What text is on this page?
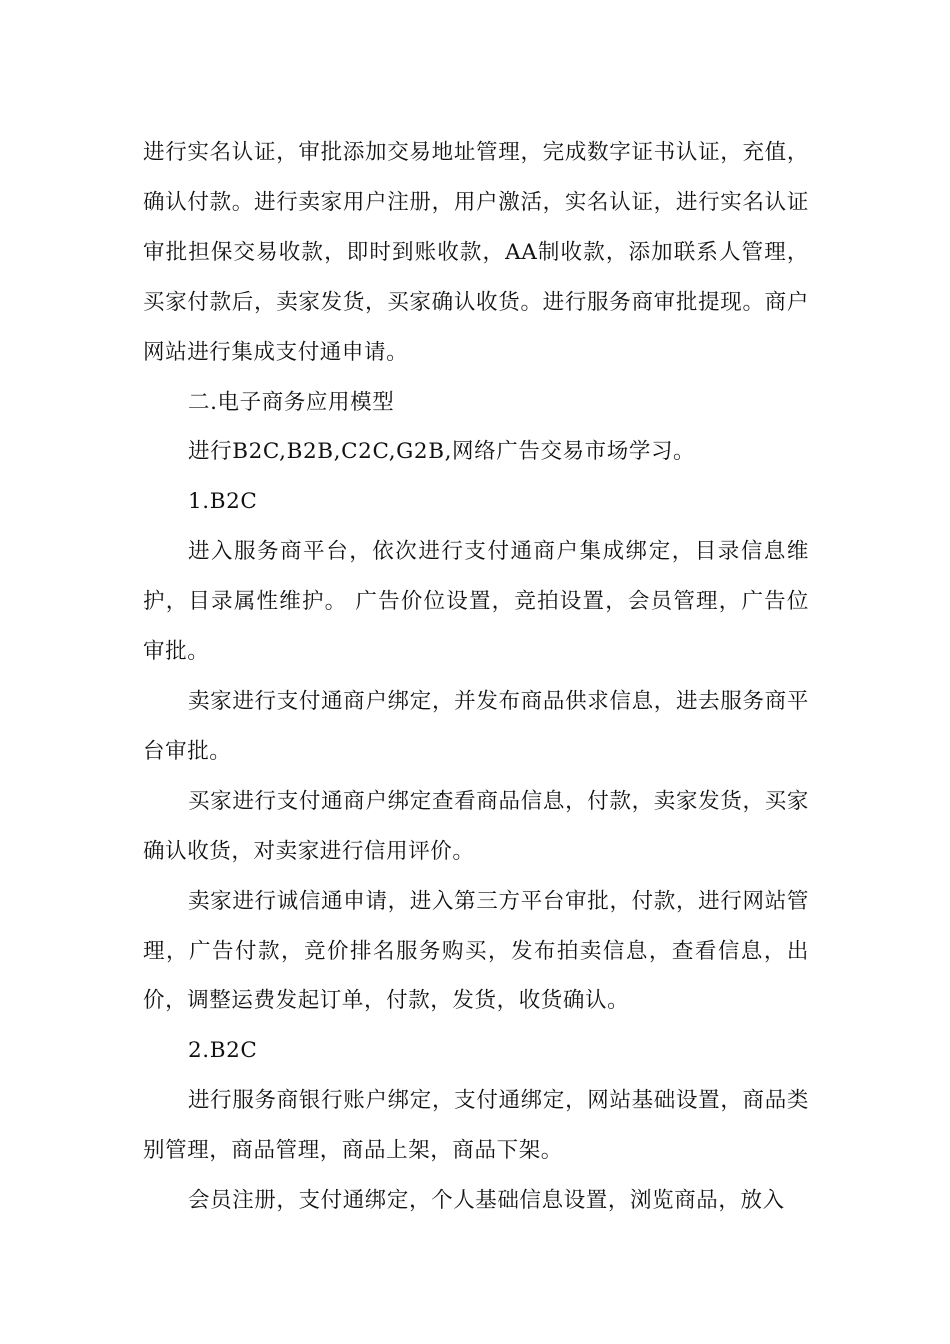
进行实名认证，审批添加交易地址管理，完成数字证书认证，充值，确认付款。进行卖家用户注册，用户激活，实名认证，进行实名认证审批担保交易收款，即时到账收款，AA制收款，添加联系人管理，买家付款后，卖家发货，买家确认收货。进行服务商审批提现。商户网站进行集成支付通申请。

二.电子商务应用模型

进行B2C,B2B,C2C,G2B,网络广告交易市场学习。

1.B2C

进入服务商平台，依次进行支付通商户集成绑定，目录信息维护，目录属性维护。 广告价位设置，竞拍设置，会员管理，广告位审批。

卖家进行支付通商户绑定，并发布商品供求信息，进去服务商平台审批。

买家进行支付通商户绑定查看商品信息，付款，卖家发货，买家确认收货，对卖家进行信用评价。

卖家进行诚信通申请，进入第三方平台审批，付款，进行网站管理，广告付款，竞价排名服务购买，发布拍卖信息，查看信息，出价，调整运费发起订单，付款，发货，收货确认。

2.B2C

进行服务商银行账户绑定，支付通绑定，网站基础设置，商品类别管理，商品管理，商品上架，商品下架。

会员注册，支付通绑定，个人基础信息设置，浏览商品，放入
